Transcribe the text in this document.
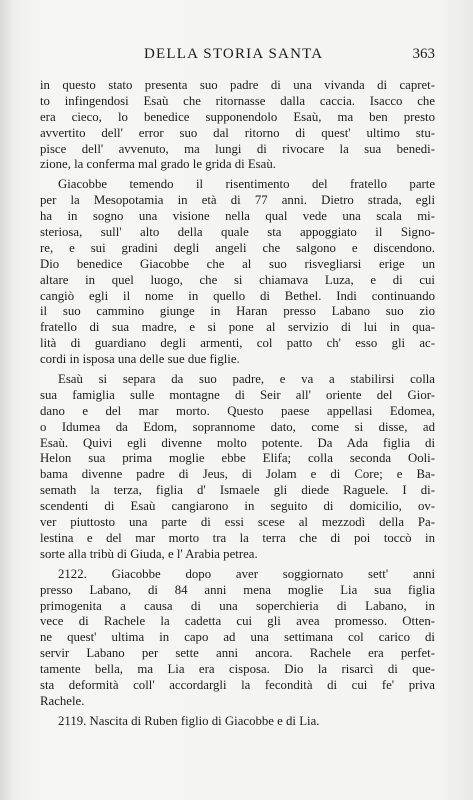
DELLA STORIA SANTA	363
in questo stato presenta suo padre di una vivanda di capret-
to infingendosi Esaù che ritornasse dalla caccia. Isacco che
era cieco, lo benedice supponendolo Esaù, ma ben presto
avvertito dell' error suo dal ritorno di quest' ultimo stu-
pisce dell' avvenuto, ma lungi di rivocare la sua benedi-
zione, la conferma mal grado le grida di Esaù.
Giacobbe temendo il risentimento del fratello parte
per la Mesopotamia in età di 77 anni. Dietro strada, egli
ha in sogno una visione nella qual vede una scala mi-
steriosa, sull' alto della quale sta appoggiato il Signo-
re, e sui gradini degli angeli che salgono e discendono.
Dio benedice Giacobbe che al suo risvegliarsi erige un
altare in quel luogo, che si chiamava Luza, e di cui
cangiò egli il nome in quello di Bethel. Indi continuando
il suo cammino giunge in Haran presso Labano suo zio
fratello di sua madre, e si pone al servizio di lui in qua-
lità di guardiano degli armenti, col patto ch' esso gli ac-
cordi in isposa una delle sue due figlie.
Esaù si separa da suo padre, e va a stabilirsi colla
sua famiglia sulle montagne di Seir all' oriente del Gior-
dano e del mar morto. Questo paese appellasi Edomea,
o Idumea da Edom, soprannome dato, come si disse, ad
Esaù. Quivi egli divenne molto potente. Da Ada figlia di
Helon sua prima moglie ebbe Elifa; colla seconda Ooli-
bama divenne padre di Jeus, di Jolam e di Core; e Ba-
semath la terza, figlia d' Ismaele gli diede Raguele. I di-
scendenti di Esaù cangiarono in seguito di domicilio, ov-
ver piuttosto una parte di essi scese al mezzodì della Pa-
lestina e del mar morto tra la terra che di poi toccò in
sorte alla tribù di Giuda, e l' Arabia petrea.
2122. Giacobbe dopo aver soggiornato sett' anni
presso Labano, di 84 anni mena moglie Lia sua figlia
primogenita a causa di una soperchieria di Labano, in
vece di Rachele la cadetta cui gli avea promesso. Otten-
ne quest' ultima in capo ad una settimana col carico di
servir Labano per sette anni ancora. Rachele era perfet-
tamente bella, ma Lia era cisposa. Dio la risarcì di que-
sta deformità coll' accordargli la fecondità di cui fe' priva
Rachele.
2119. Nascita di Ruben figlio di Giacobbe e di Lia.
